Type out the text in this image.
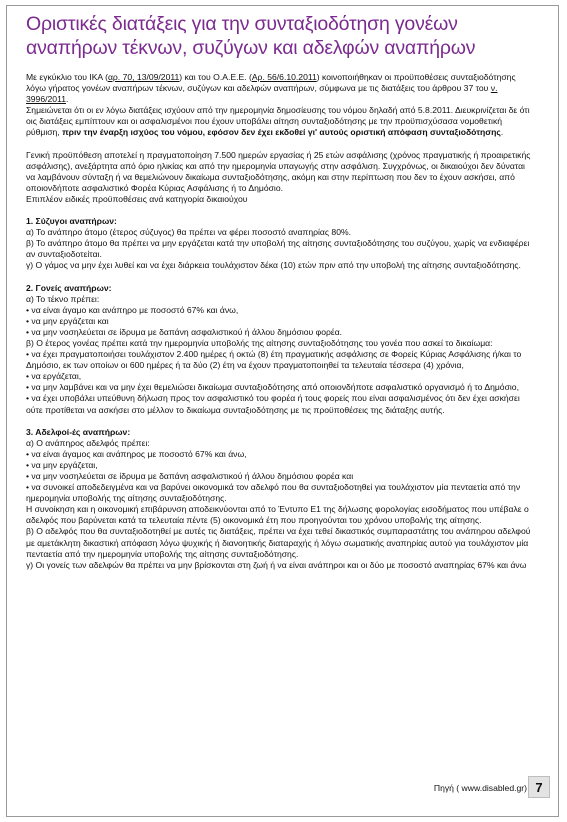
Οριστικές διατάξεις για την συνταξιοδότηση γονέων αναπήρων τέκνων, συζύγων και αδελφών αναπήρων

Με εγκύκλιο του ΙΚΑ (αρ. 70, 13/09/2011) και του Ο.Α.Ε.Ε. (Αρ. 56/6.10.2011) κοινοποιήθηκαν οι προϋποθέσεις συνταξιοδότησης λόγω γήρατος γονέων αναπήρων τέκνων, συζύγων και αδελφών αναπήρων, σύμφωνα με τις διατάξεις του άρθρου 37 του ν. 3996/2011.

Σημειώνεται ότι οι εν λόγω διατάξεις ισχύουν από την ημερομηνία δημοσίευσης του νόμου δηλαδή από 5.8.2011. Διευκρινίζεται δε ότι οις διατάξεις εμπίπτουν και οι ασφαλισμένοι που έχουν υποβάλει αίτηση συνταξιοδότησης με την προϋπισχύσασα νομοθετική ρύθμιση, πριν την έναρξη ισχύος του νόμου, εφόσον δεν έχει εκδοθεί γι' αυτούς οριστική απόφαση συνταξιοδότησης.

Γενική προϋπόθεση αποτελεί η πραγματοποίηση 7.500 ημερών εργασίας ή 25 ετών ασφάλισης (χρόνος πραγματικής ή προαιρετικής ασφάλισης), ανεξάρτητα από όριο ηλικίας και από την ημερομηνία υπαγωγής στην ασφάλιση. Συγχρόνως, οι δικαιούχοι δεν δύναται να λαμβάνουν σύνταξη ή να θεμελιώνουν δικαίωμα συνταξιοδότησης, ακόμη και στην περίπτωση που δεν το έχουν ασκήσει, από οποιονδήποτε ασφαλιστικό Φορέα Κύριας Ασφάλισης ή το Δημόσιο.

Επιπλέον ειδικές προϋποθέσεις ανά κατηγορία δικαιούχου

1. Σύζυγοι αναπήρων:

α) Το ανάπηρο άτομο (έτερος σύζυγος) θα πρέπει να φέρει ποσοστό αναπηρίας 80%.

β) Το ανάπηρο άτομο θα πρέπει να μην εργάζεται κατά την υποβολή της αίτησης συνταξιοδότησης του συζύγου, χωρίς να ενδιαφέρει αν συνταξιοδοτείται.

γ) Ο γάμος να μην έχει λυθεί και να έχει διάρκεια τουλάχιστον δέκα (10) ετών πριν από την υποβολή της αίτησης συνταξιοδότησης.

2. Γονείς αναπήρων:

α) Το τέκνο πρέπει:

• να είναι άγαμο και ανάπηρο με ποσοστό 67% και άνω,

• να μην εργάζεται και

• να μην νοσηλεύεται σε ίδρυμα με δαπάνη ασφαλιστικού ή άλλου δημόσιου φορέα.

β) Ο έτερος γονέας πρέπει κατά την ημερομηνία υποβολής της αίτησης συνταξιοδότησης του γονέα που ασκεί το δικαίωμα:

• να έχει πραγματοποιήσει τουλάχιστον 2.400 ημέρες ή οκτώ (8) έτη πραγματικής ασφάλισης σε Φορείς Κύριας Ασφάλισης ή/και το Δημόσιο, εκ των οποίων οι 600 ημέρες ή τα δύο (2) έτη να έχουν πραγματοποιηθεί τα τελευταία τέσσερα (4) χρόνια,

• να εργάζεται,

• να μην λαμβάνει και να μην έχει θεμελιώσει δικαίωμα συνταξιοδότησης από οποιονδήποτε ασφαλιστικό οργανισμό ή το Δημόσιο,

• να έχει υποβάλει υπεύθυνη δήλωση προς τον ασφαλιστικό του φορέα ή τους φορείς που είναι ασφαλισμένος ότι δεν έχει ασκήσει ούτε προτίθεται να ασκήσει στο μέλλον το δικαίωμα συνταξιοδότησης με τις προϋποθέσεις της διάταξης αυτής.

3. Αδελφοί-ές αναπήρων:

α) Ο ανάπηρος αδελφός πρέπει:

• να είναι άγαμος και ανάπηρος με ποσοστό 67% και άνω,

• να μην εργάζεται,

• να μην νοσηλεύεται σε ίδρυμα με δαπάνη ασφαλιστικού ή άλλου δημόσιου φορέα και

• να συνοικεί αποδεδειγμένα και να βαρύνει οικονομικά τον αδελφό που θα συνταξιοδοτηθεί για τουλάχιστον μία πενταετία από την ημερομηνία υποβολής της αίτησης συνταξιοδότησης.

Η συνοίκηση και η οικονομική επιβάρυνση αποδεικνύονται από το Έντυπο Ε1 της δήλωσης φορολογίας εισοδήματος που υπέβαλε ο αδελφός που βαρύνεται κατά τα τελευταία πέντε (5) οικονομικά έτη που προηγούνται του χρόνου υποβολής της αίτησης.

β) Ο αδελφός που θα συνταξιοδοτηθεί με αυτές τις διατάξεις, πρέπει να έχει τεθεί δικαστικός συμπαραστάτης του ανάπηρου αδελφού με αμετάκλητη δικαστική απόφαση λόγω ψυχικής ή διανοητικής διαταραχής ή λόγω σωματικής αναπηρίας αυτού για τουλάχιστον μία πενταετία από την ημερομηνία υποβολής της αίτησης συνταξιοδότησης.

γ) Οι γονείς των αδελφών θα πρέπει να μην βρίσκονται στη ζωή ή να είναι ανάπηροι και οι δύο με ποσοστό αναπηρίας 67% και άνω

Πηγή ( www.disabled.gr) 7
